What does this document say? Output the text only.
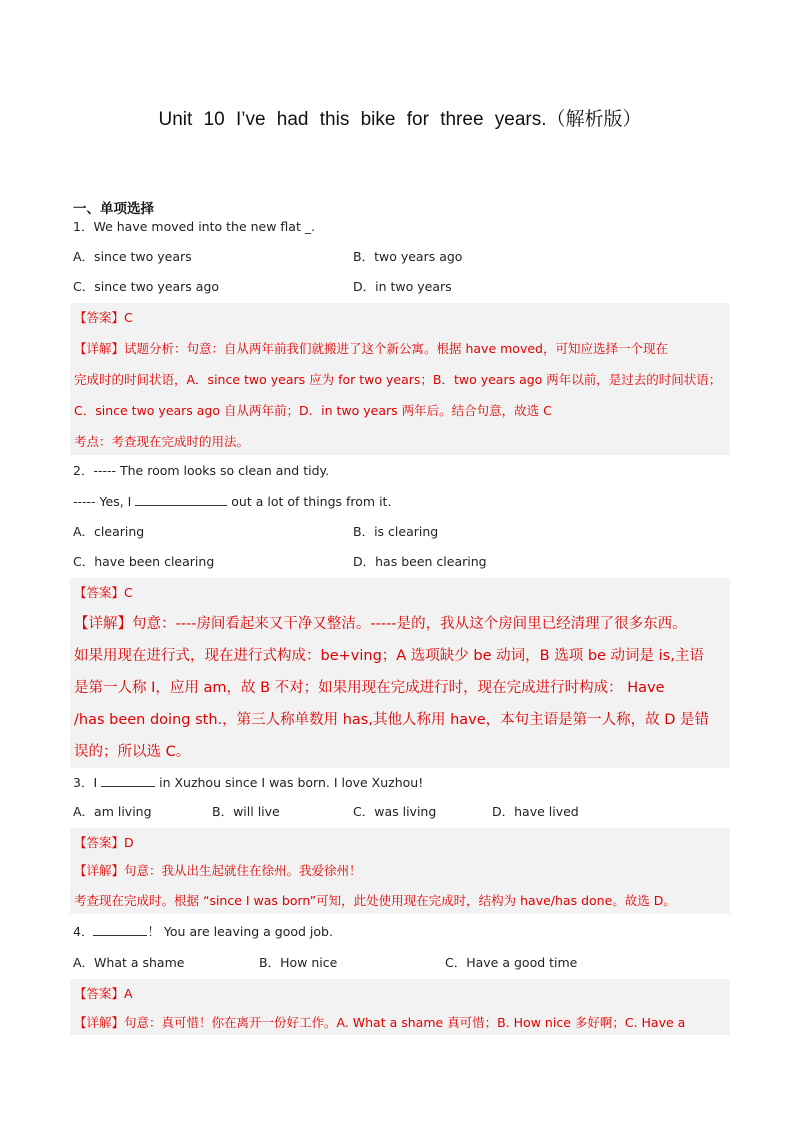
Unit 10 I’ve had this bike for three years.（解析版）
一、单项选择
1．We have moved into the new flat _.
A．since two years	B．two years ago
C．since two years ago	D．in two years
【答案】C
【详解】试题分析：句意：自从两年前我们就搬进了这个新公寓。根据 have moved，可知应选择一个现在
完成时的时间状语，A．since two years 应为 for two years；B．two years ago 两年以前，是过去的时间状语；
C．since two years ago 自从两年前；D．in two years 两年后。结合句意，故选 C
考点：考查现在完成时的用法。
2．----- The room looks so clean and tidy.
----- Yes, I	out a lot of things from it.
A．clearing	B．is clearing
C．have been clearing	D．has been clearing
【答案】C
【详解】句意：----房间看起来又干净又整洁。-----是的，我从这个房间里已经清理了很多东西。
如果用现在进行式，现在进行式构成：be+ving；A 选项缺少 be 动词，B 选项 be 动词是 is,主语
是第一人称 I，应用 am，故 B 不对；如果用现在完成进行时，现在完成进行时构成： Have
/has been doing sth.，第三人称单数用 has,其他人称用 have，本句主语是第一人称，故 D 是错
误的；所以选 C。
3．I	in Xuzhou since I was born. I love Xuzhou!
A．am living	B．will live	C．was living	D．have lived
【答案】D
【详解】句意：我从出生起就住在徐州。我爱徐州！
考查现在完成时。根据 “since I was born”可知，此处使用现在完成时，结构为 have/has done。故选 D。
4．	！ You are leaving a good job.
A．What a shame	B．How nice	C．Have a good time
【答案】A
【详解】句意：真可惜！你在离开一份好工作。A. What a shame 真可惜；B. How nice 多好啊；C. Have a
